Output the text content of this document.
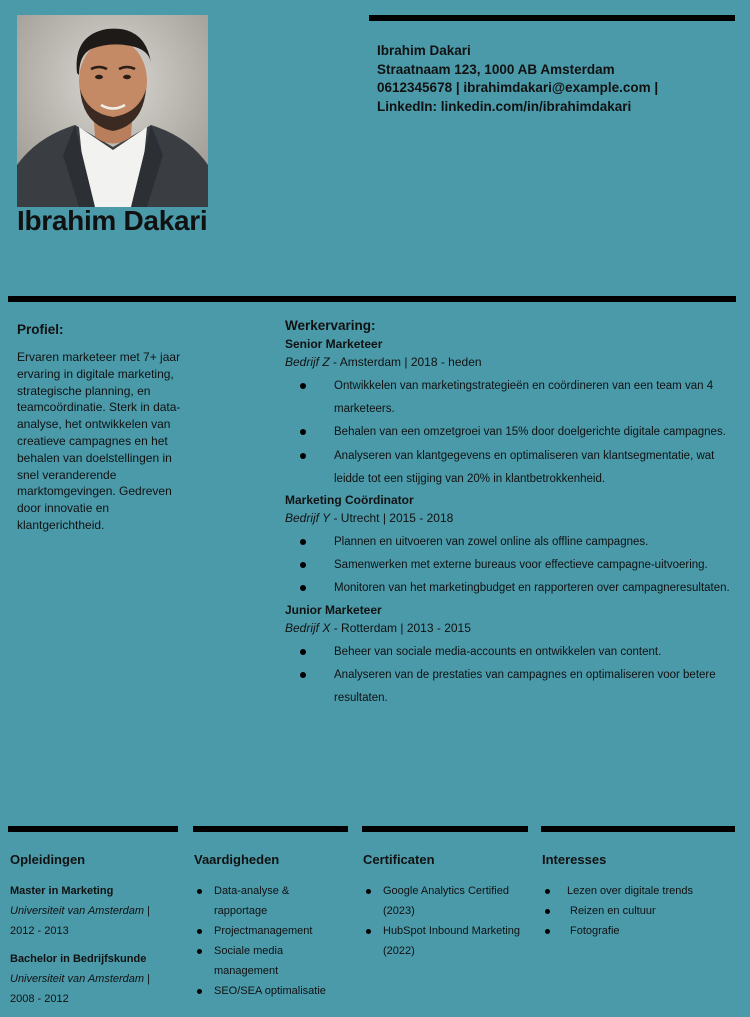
Ibrahim Dakari
Ibrahim Dakari
Straatnaam 123, 1000 AB Amsterdam
0612345678 | ibrahimdakari@example.com |
LinkedIn: linkedin.com/in/ibrahimdakari

Profiel:

Ervaren marketeer met 7+ jaar ervaring in digitale marketing, strategische planning, en teamcoördinatie. Sterk in data-analyse, het ontwikkelen van creatieve campagnes en het behalen van doelstellingen in snel veranderende marktomgevingen. Gedreven door innovatie en klantgerichtheid.

Werkervaring:

Senior Marketeer

Bedrijf Z - Amsterdam | 2018 - heden

Ontwikkelen van marketingstrategieën en coördineren van een team van 4 marketeers.
Behalen van een omzetgroei van 15% door doelgerichte digitale campagnes.
Analyseren van klantgegevens en optimaliseren van klantsegmentatie, wat leidde tot een stijging van 20% in klantbetrokkenheid.

Marketing Coördinator

Bedrijf Y - Utrecht | 2015 - 2018

Plannen en uitvoeren van zowel online als offline campagnes.
Samenwerken met externe bureaus voor effectieve campagne-uitvoering.
Monitoren van het marketingbudget en rapporteren over campagneresultaten.

Junior Marketeer

Bedrijf X - Rotterdam | 2013 - 2015

Beheer van sociale media-accounts en ontwikkelen van content.
Analyseren van de prestaties van campagnes en optimaliseren voor betere resultaten.

Opleidingen

Master in Marketing

Universiteit van Amsterdam | 2012 - 2013

Bachelor in Bedrijfskunde

Universiteit van Amsterdam | 2008 - 2012

Vaardigheden

Data-analyse & rapportage
Projectmanagement
Sociale media management
SEO/SEA optimalisatie

Certificaten

Google Analytics Certified (2023)
HubSpot Inbound Marketing (2022)

Interesses

Lezen over digitale trends
Reizen en cultuur
Fotografie
